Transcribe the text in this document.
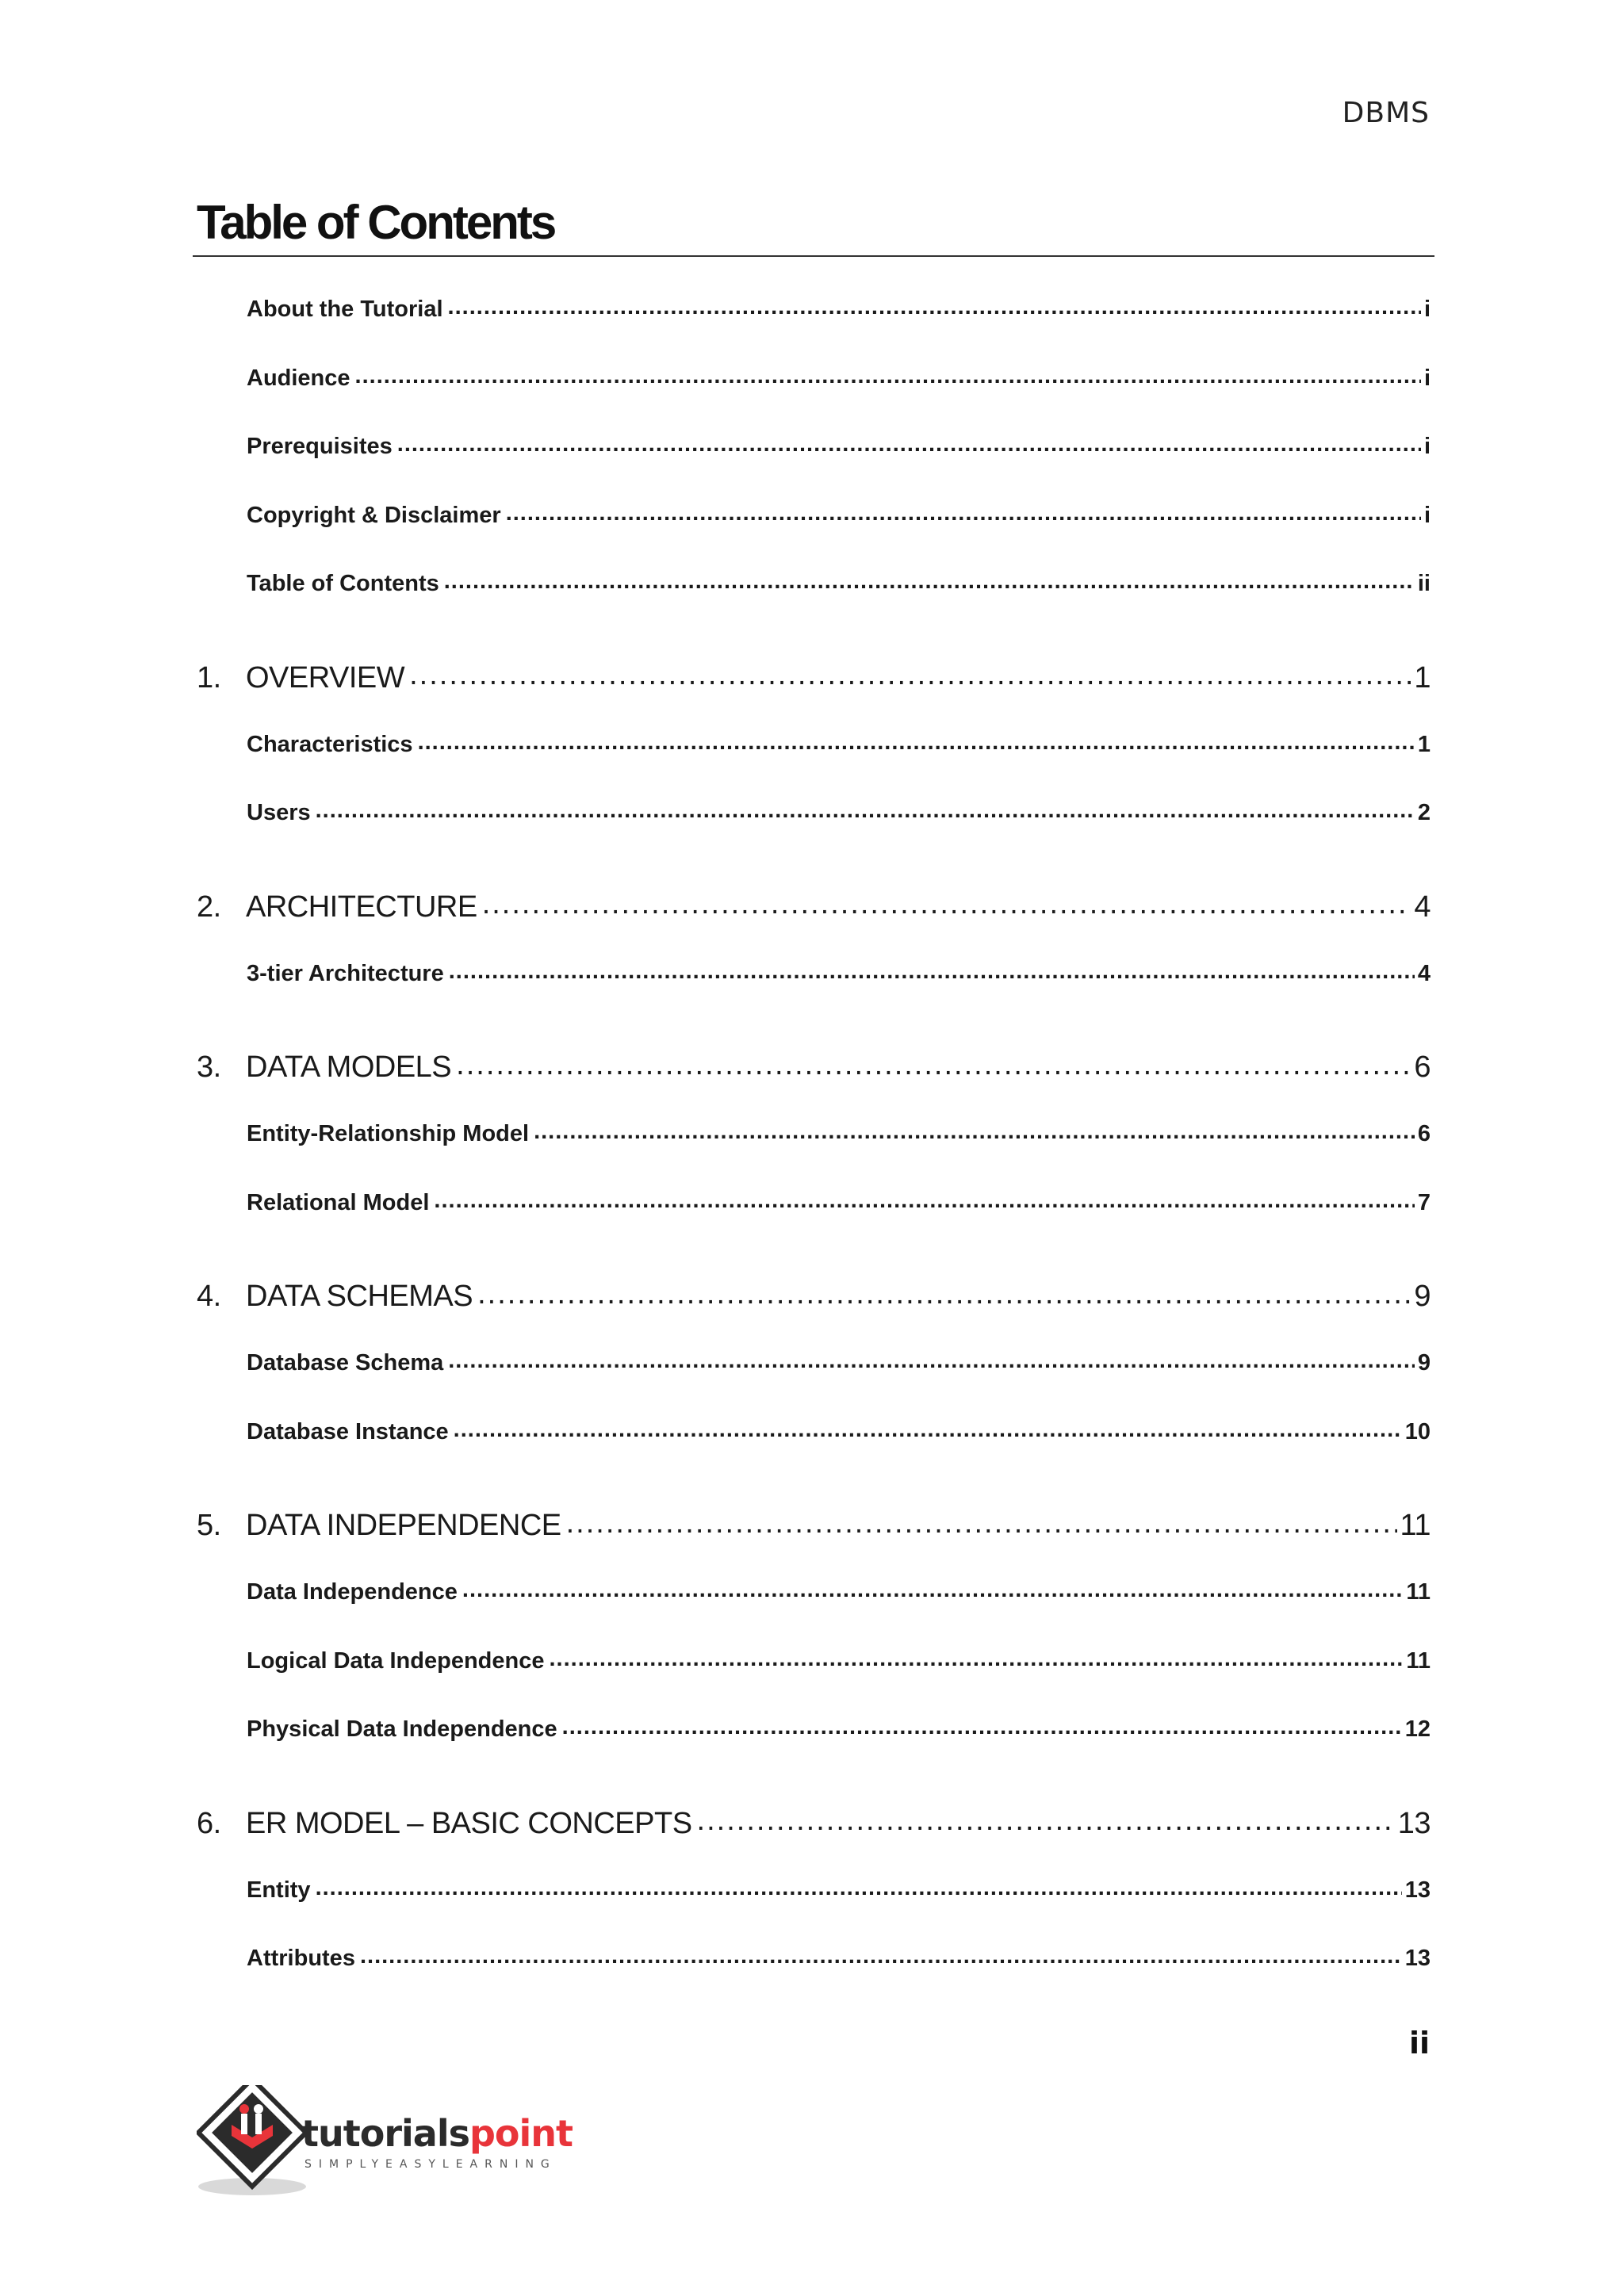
DBMS
Table of Contents
About the Tutorial .....	i
Audience .....	i
Prerequisites .....	i
Copyright & Disclaimer .....	i
Table of Contents .....	ii
1. OVERVIEW .....	1
Characteristics .....	1
Users .....	2
2. ARCHITECTURE .....	4
3-tier Architecture .....	4
3. DATA MODELS .....	6
Entity-Relationship Model .....	6
Relational Model .....	7
4. DATA SCHEMAS .....	9
Database Schema .....	9
Database Instance .....	10
5. DATA INDEPENDENCE .....	11
Data Independence .....	11
Logical Data Independence .....	11
Physical Data Independence .....	12
6. ER MODEL – BASIC CONCEPTS .....	13
Entity .....	13
Attributes .....	13
ii
tutorialspoint
SIMPLYEASYLEARNING
